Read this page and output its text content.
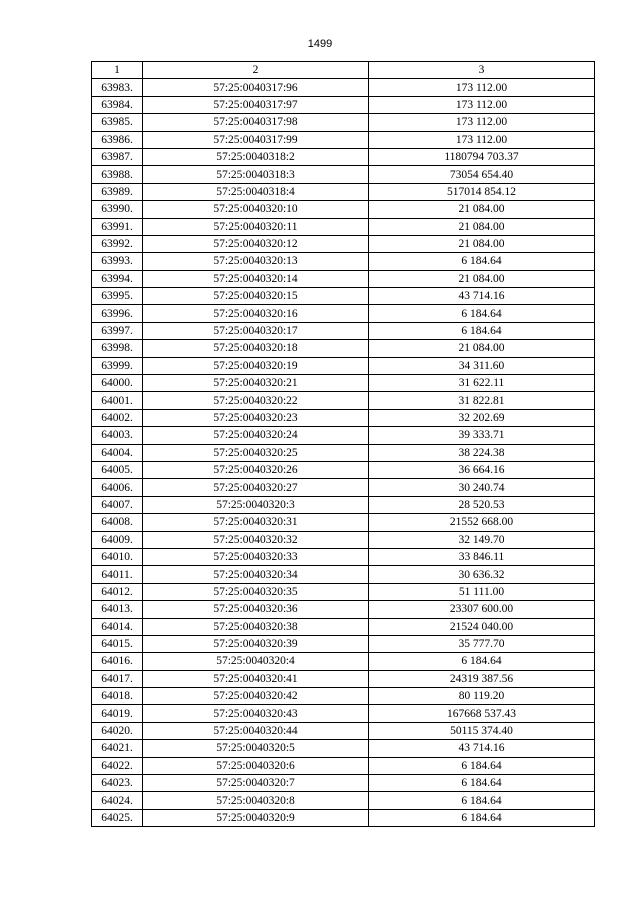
1499
1	2	3
63983.	57:25:0040317:96	173 112.00
63984.	57:25:0040317:97	173 112.00
63985.	57:25:0040317:98	173 112.00
63986.	57:25:0040317:99	173 112.00
63987.	57:25:0040318:2	1180794 703.37
63988.	57:25:0040318:3	73054 654.40
63989.	57:25:0040318:4	517014 854.12
63990.	57:25:0040320:10	21 084.00
63991.	57:25:0040320:11	21 084.00
63992.	57:25:0040320:12	21 084.00
63993.	57:25:0040320:13	6 184.64
63994.	57:25:0040320:14	21 084.00
63995.	57:25:0040320:15	43 714.16
63996.	57:25:0040320:16	6 184.64
63997.	57:25:0040320:17	6 184.64
63998.	57:25:0040320:18	21 084.00
63999.	57:25:0040320:19	34 311.60
64000.	57:25:0040320:21	31 622.11
64001.	57:25:0040320:22	31 822.81
64002.	57:25:0040320:23	32 202.69
64003.	57:25:0040320:24	39 333.71
64004.	57:25:0040320:25	38 224.38
64005.	57:25:0040320:26	36 664.16
64006.	57:25:0040320:27	30 240.74
64007.	57:25:0040320:3	28 520.53
64008.	57:25:0040320:31	21552 668.00
64009.	57:25:0040320:32	32 149.70
64010.	57:25:0040320:33	33 846.11
64011.	57:25:0040320:34	30 636.32
64012.	57:25:0040320:35	51 111.00
64013.	57:25:0040320:36	23307 600.00
64014.	57:25:0040320:38	21524 040.00
64015.	57:25:0040320:39	35 777.70
64016.	57:25:0040320:4	6 184.64
64017.	57:25:0040320:41	24319 387.56
64018.	57:25:0040320:42	80 119.20
64019.	57:25:0040320:43	167668 537.43
64020.	57:25:0040320:44	50115 374.40
64021.	57:25:0040320:5	43 714.16
64022.	57:25:0040320:6	6 184.64
64023.	57:25:0040320:7	6 184.64
64024.	57:25:0040320:8	6 184.64
64025.	57:25:0040320:9	6 184.64
